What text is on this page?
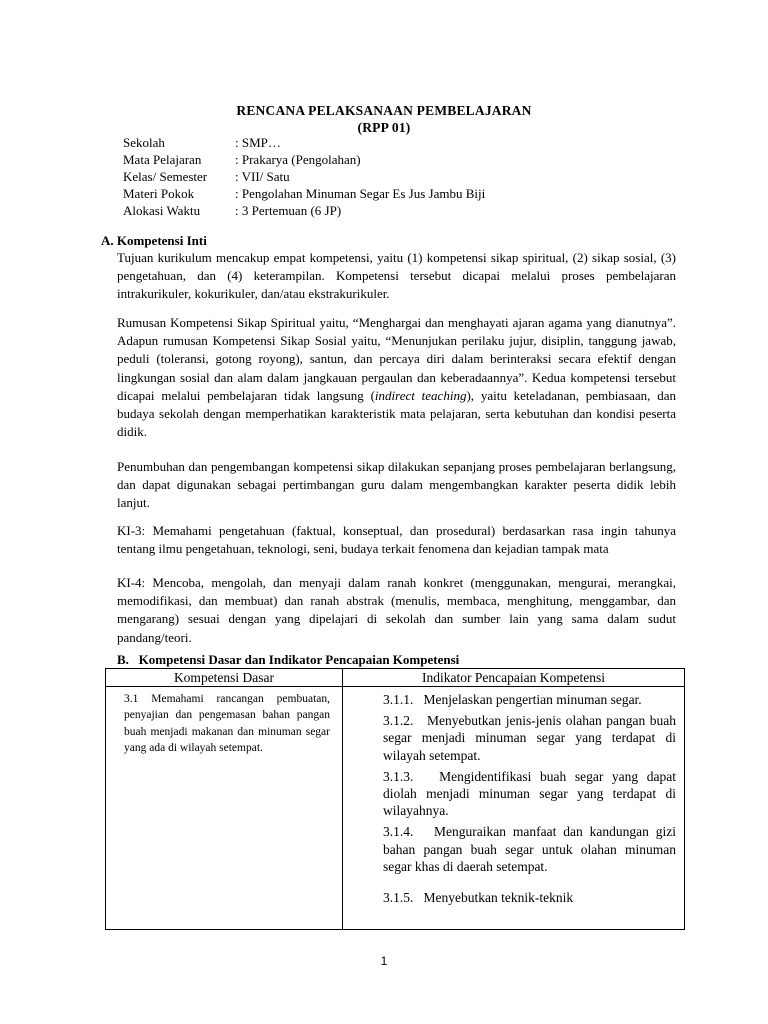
RENCANA PELAKSANAAN PEMBELAJARAN
(RPP 01)
Sekolah	: SMP…
Mata Pelajaran	: Prakarya (Pengolahan)
Kelas/ Semester : VII/ Satu
Materi Pokok	: Pengolahan Minuman Segar Es Jus Jambu Biji
Alokasi Waktu	: 3 Pertemuan (6 JP)
A. Kompetensi Inti

Tujuan kurikulum mencakup empat kompetensi, yaitu (1) kompetensi sikap spiritual, (2) sikap sosial, (3) pengetahuan, dan (4) keterampilan. Kompetensi tersebut dicapai melalui proses pembelajaran intrakurikuler, kokurikuler, dan/atau ekstrakurikuler.

Rumusan Kompetensi Sikap Spiritual yaitu, “Menghargai dan menghayati ajaran agama yang dianutnya”. Adapun rumusan Kompetensi Sikap Sosial yaitu, “Menunjukan perilaku jujur, disiplin, tanggung jawab, peduli (toleransi, gotong royong), santun, dan percaya diri dalam berinteraksi secara efektif dengan lingkungan sosial dan alam dalam jangkauan pergaulan dan keberadaannya”. Kedua kompetensi tersebut dicapai melalui pembelajaran tidak langsung (indirect teaching), yaitu keteladanan, pembiasaan, dan budaya sekolah dengan memperhatikan karakteristik mata pelajaran, serta kebutuhan dan kondisi peserta didik.

Penumbuhan dan pengembangan kompetensi sikap dilakukan sepanjang proses pembelajaran berlangsung, dan dapat digunakan sebagai pertimbangan guru dalam mengembangkan karakter peserta didik lebih lanjut.

KI-3: Memahami pengetahuan (faktual, konseptual, dan prosedural) berdasarkan rasa ingin tahunya tentang ilmu pengetahuan, teknologi, seni, budaya terkait fenomena dan kejadian tampak mata

KI-4: Mencoba, mengolah, dan menyaji dalam ranah konkret (menggunakan, mengurai, merangkai, memodifikasi, dan membuat) dan ranah abstrak (menulis, membaca, menghitung, menggambar, dan mengarang) sesuai dengan yang dipelajari di sekolah dan sumber lain yang sama dalam sudut pandang/teori.

B.   Kompetensi Dasar dan Indikator Pencapaian Kompetensi
Kompetensi Dasar	Indikator Pencapaian Kompetensi

3.1 Memahami rancangan pembuatan, penyajian dan pengemasan bahan pangan buah menjadi makanan dan minuman segar yang ada di wilayah setempat.	3.1.1.   Menjelaskan pengertian minuman segar.
3.1.2.   Menyebutkan jenis-jenis olahan pangan buah segar menjadi minuman segar yang terdapat di wilayah setempat.
3.1.3.   Mengidentifikasi buah segar yang dapat diolah menjadi minuman segar yang terdapat di wilayahnya.
3.1.4.   Menguraikan manfaat dan kandungan gizi bahan pangan buah segar untuk olahan minuman segar khas di daerah setempat.
3.1.5.   Menyebutkan teknik-teknik
1
